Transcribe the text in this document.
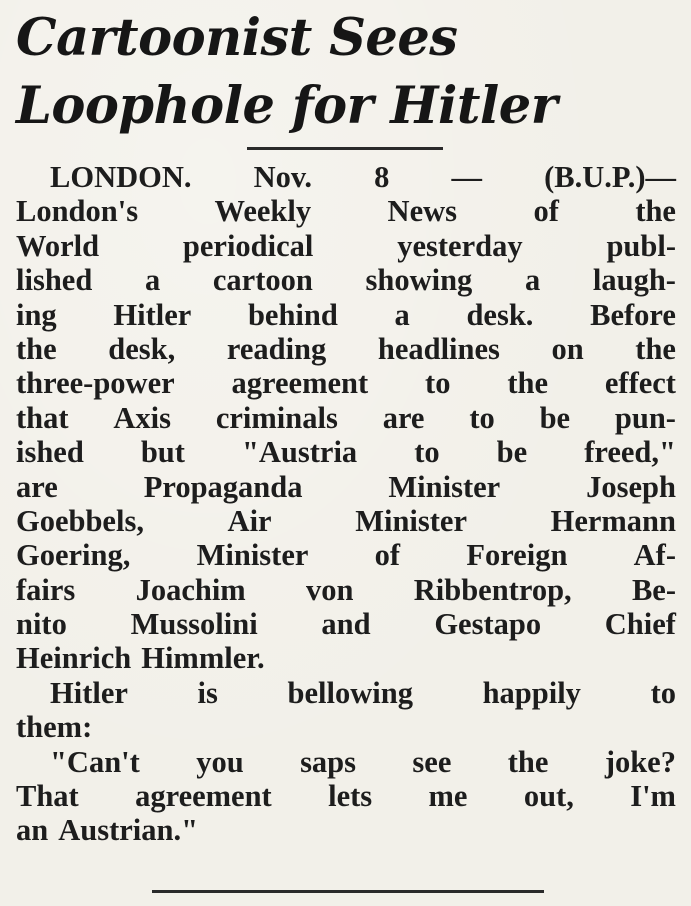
Cartoonist Sees
Loophole for Hitler
LONDON. Nov. 8 — (B.U.P.)—
London's	Weekly	News	of	the
World	periodical	yesterday	publ-
lished a cartoon showing a laugh-
ing Hitler behind a desk. Before
the desk, reading headlines on the
three-power agreement to the effect
that Axis criminals are to be pun-
ished but "Austria to be freed,"
are	Propaganda	Minister	Joseph
Goebbels,	Air	Minister	Hermann
Goering, Minister of Foreign Af-
fairs Joachim von Ribbentrop, Be-
nito Mussolini and Gestapo Chief
Heinrich Himmler.
Hitler is bellowing happily to
them:
"Can't you saps see the joke?
That agreement lets me out, I'm
an Austrian."
